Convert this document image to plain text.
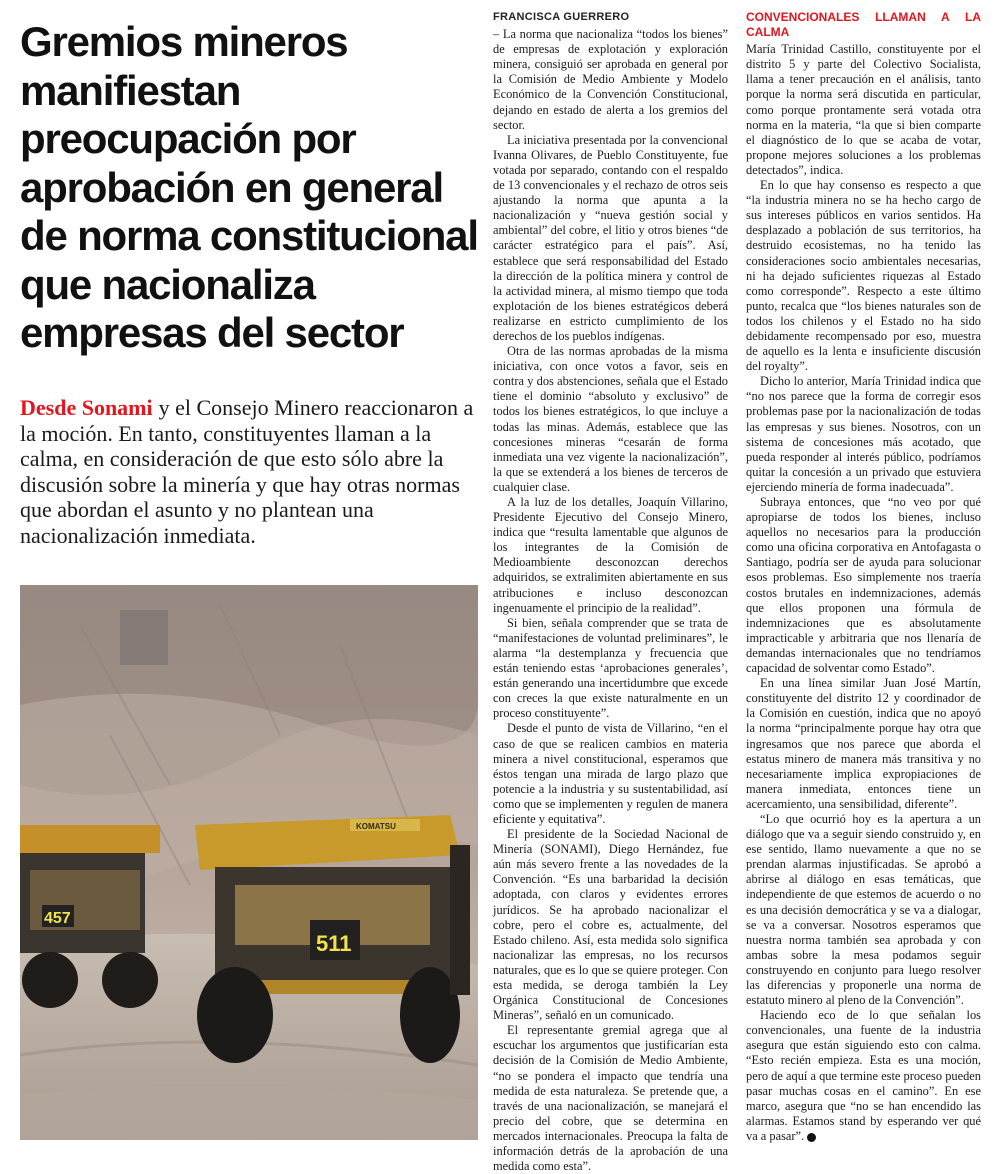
Gremios mineros manifiestan preocupación por aprobación en general de norma constitucional que nacionaliza empresas del sector

Desde Sonami y el Consejo Minero reaccionaron a la moción. En tanto, constituyentes llaman a la calma, en consideración de que esto sólo abre la discusión sobre la minería y que hay otras normas que abordan el asunto y no plantean una nacionalización inmediata.

457
KOMATSU
511
FRANCISCA GUERRERO

– La norma que nacionaliza “todos los bienes” de empresas de explotación y exploración minera, consiguió ser aprobada en general por la Comisión de Medio Ambiente y Modelo Económico de la Convención Constitucional, dejando en estado de alerta a los gremios del sector.

La iniciativa presentada por la convencional Ivanna Olivares, de Pueblo Constituyente, fue votada por separado, contando con el respaldo de 13 convencionales y el rechazo de otros seis ajustando la norma que apunta a la nacionalización y “nueva gestión social y ambiental” del cobre, el litio y otros bienes “de carácter estratégico para el país”. Así, establece que será responsabilidad del Estado la dirección de la política minera y control de la actividad minera, al mismo tiempo que toda explotación de los bienes estratégicos deberá realizarse en estricto cumplimiento de los derechos de los pueblos indígenas.

Otra de las normas aprobadas de la misma iniciativa, con once votos a favor, seis en contra y dos abstenciones, señala que el Estado tiene el dominio “absoluto y exclusivo” de todos los bienes estratégicos, lo que incluye a todas las minas. Además, establece que las concesiones mineras “cesarán de forma inmediata una vez vigente la nacionalización”, la que se extenderá a los bienes de terceros de cualquier clase.

A la luz de los detalles, Joaquín Villarino, Presidente Ejecutivo del Consejo Minero, indica que “resulta lamentable que algunos de los integrantes de la Comisión de Medioambiente desconozcan derechos adquiridos, se extralimiten abiertamente en sus atribuciones e incluso desconozcan ingenuamente el principio de la realidad”.

Si bien, señala comprender que se trata de “manifestaciones de voluntad preliminares”, le alarma “la destemplanza y frecuencia que están teniendo estas ‘aprobaciones generales’, están generando una incertidumbre que excede con creces la que existe naturalmente en un proceso constituyente”.

Desde el punto de vista de Villarino, “en el caso de que se realicen cambios en materia minera a nivel constitucional, esperamos que éstos tengan una mirada de largo plazo que potencie a la industria y su sustentabilidad, así como que se implementen y regulen de manera eficiente y equitativa”.

El presidente de la Sociedad Nacional de Minería (SONAMI), Diego Hernández, fue aún más severo frente a las novedades de la Convención. “Es una barbaridad la decisión adoptada, con claros y evidentes errores jurídicos. Se ha aprobado nacionalizar el cobre, pero el cobre es, actualmente, del Estado chileno. Así, esta medida solo significa nacionalizar las empresas, no los recursos naturales, que es lo que se quiere proteger. Con esta medida, se deroga también la Ley Orgánica Constitucional de Concesiones Mineras”, señaló en un comunicado.

El representante gremial agrega que al escuchar los argumentos que justificarían esta decisión de la Comisión de Medio Ambiente, “no se pondera el impacto que tendría una medida de esta naturaleza. Se pretende que, a través de una nacionalización, se manejará el precio del cobre, que se determina en mercados internacionales. Preocupa la falta de información detrás de la aprobación de una medida como esta”.

CONVENCIONALES LLAMAN A LA CALMA

María Trinidad Castillo, constituyente por el distrito 5 y parte del Colectivo Socialista, llama a tener precaución en el análisis, tanto porque la norma será discutida en particular, como porque prontamente será votada otra norma en la materia, “la que si bien comparte el diagnóstico de lo que se acaba de votar, propone mejores soluciones a los problemas detectados”, indica.

En lo que hay consenso es respecto a que “la industria minera no se ha hecho cargo de sus intereses públicos en varios sentidos. Ha desplazado a población de sus territorios, ha destruido ecosistemas, no ha tenido las consideraciones socio ambientales necesarias, ni ha dejado suficientes riquezas al Estado como corresponde”. Respecto a este último punto, recalca que “los bienes naturales son de todos los chilenos y el Estado no ha sido debidamente recompensado por eso, muestra de aquello es la lenta e insuficiente discusión del royalty”.

Dicho lo anterior, María Trinidad indica que “no nos parece que la forma de corregir esos problemas pase por la nacionalización de todas las empresas y sus bienes. Nosotros, con un sistema de concesiones más acotado, que pueda responder al interés público, podríamos quitar la concesión a un privado que estuviera ejerciendo minería de forma inadecuada”.

Subraya entonces, que “no veo por qué apropiarse de todos los bienes, incluso aquellos no necesarios para la producción como una oficina corporativa en Antofagasta o Santiago, podría ser de ayuda para solucionar esos problemas. Eso simplemente nos traería costos brutales en indemnizaciones, además que ellos proponen una fórmula de indemnizaciones que es absolutamente impracticable y arbitraria que nos llenaría de demandas internacionales que no tendríamos capacidad de solventar como Estado”.

En una línea similar Juan José Martín, constituyente del distrito 12 y coordinador de la Comisión en cuestión, indica que no apoyó la norma “principalmente porque hay otra que ingresamos que nos parece que aborda el estatus minero de manera más transitiva y no necesariamente implica expropiaciones de manera inmediata, entonces tiene un acercamiento, una sensibilidad, diferente”.

“Lo que ocurrió hoy es la apertura a un diálogo que va a seguir siendo construido y, en ese sentido, llamo nuevamente a que no se prendan alarmas injustificadas. Se aprobó a abrirse al diálogo en esas temáticas, que independiente de que estemos de acuerdo o no es una decisión democrática y se va a dialogar, se va a conversar. Nosotros esperamos que nuestra norma también sea aprobada y con ambas sobre la mesa podamos seguir construyendo en conjunto para luego resolver las diferencias y proponerle una norma de estatuto minero al pleno de la Convención”.

Haciendo eco de lo que señalan los convencionales, una fuente de la industria asegura que están siguiendo esto con calma. “Esto recién empieza. Esta es una moción, pero de aquí a que termine este proceso pueden pasar muchas cosas en el camino”. En ese marco, asegura que “no se han encendido las alarmas. Estamos stand by esperando ver qué va a pasar”.
